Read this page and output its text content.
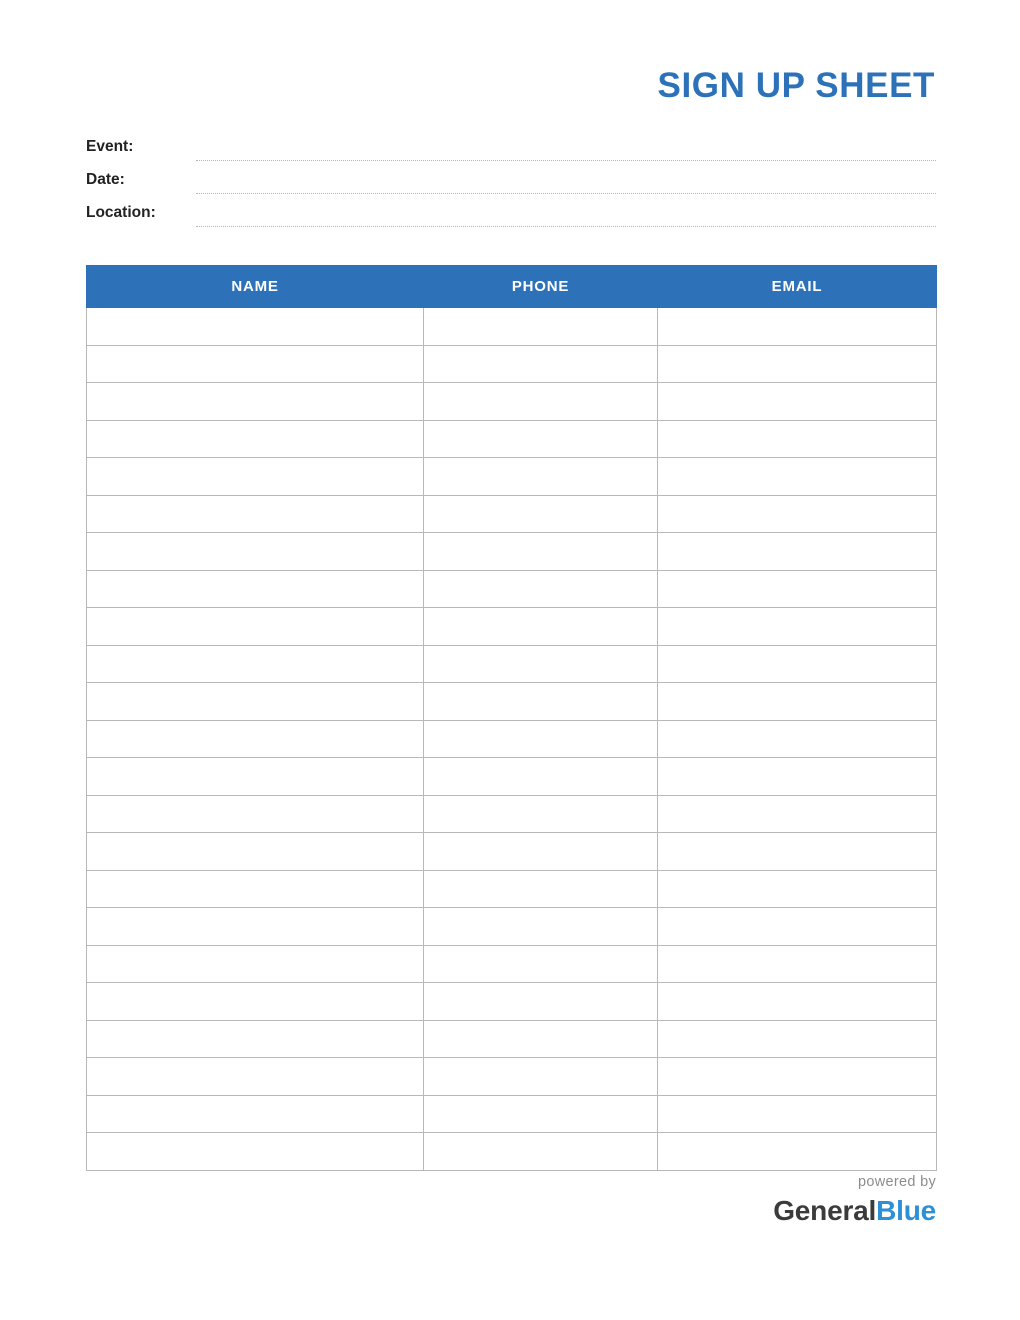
SIGN UP SHEET
Event:
Date:
Location:
NAME	PHONE	EMAIL

powered by
GeneralBlue
